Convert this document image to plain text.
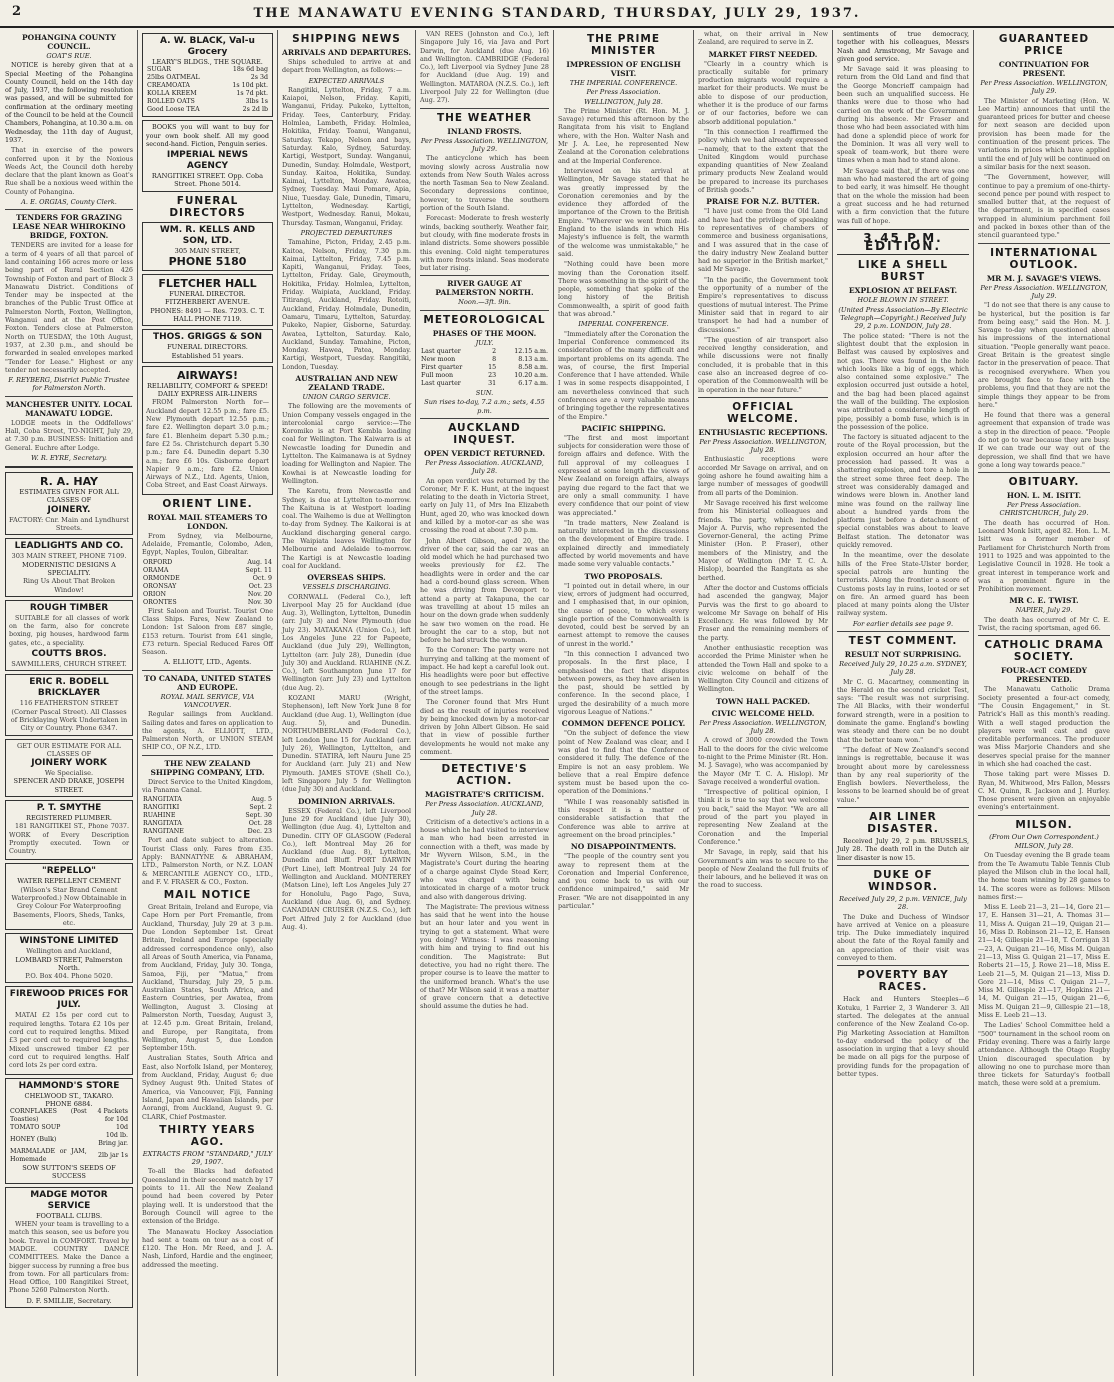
2	THE MANAWATU EVENING STANDARD, THURSDAY, JULY 29, 1937.
POHANGINA COUNTY COUNCIL.
GOAT'S RUE.
NOTICE is hereby given that at a Special Meeting of the Pohangina County Council, held on the 14th day of July, 1937, the following resolution was passed, and will be submitted for confirmation at the ordinary meeting of the Council to be held at the Council Chambers, Pohangina, at 10.30 a.m. on Wednesday, the 11th day of August, 1937.
That in exercise of the powers conferred upon it by the Noxious Weeds Act, the Council doth hereby declare that the plant known as Goat's Rue shall be a noxious weed within the County of Pohangina.
A. E. ORGIAS, County Clerk.
TENDERS FOR GRAZING LEASE NEAR WHIROKINO BRIDGE, FOXTON.
TENDERS are invited for a lease for a term of 4 years of all that parcel of land containing 166 acres more or less being part of Rural Section 426 Township of Foxton and part of Block 3 Manawatu District. Conditions of Tender may be inspected at the branches of the Public Trust Office at Palmerston North, Foxton, Wellington, Wanganui and at the Post Office, Foxton. Tenders close at Palmerston North on TUESDAY, the 10th August, 1937, at 2.30 p.m., and should be forwarded in sealed envelopes marked "Tender for Lease." Highest or any tender not necessarily accepted.
F. REYBERG, District Public Trustee for Palmerston North.
MANCHESTER UNITY. LOCAL MANAWATU LODGE.
LODGE meets in the Oddfellows' Hall, Coba Street, TO-NIGHT, July 29, at 7.30 p.m. BUSINESS: Initiation and General. Euchre after Lodge.
W. R. EYRE, Secretary.
R. A. HAY
ESTIMATES GIVEN FOR ALL CLASSES OF
JOINERY.
FACTORY: Cnr. Main and Lyndhurst Streets.
LEADLIGHTS AND CO.
303 MAIN STREET, PHONE 7109.
MODERNISTIC DESIGNS A SPECIALITY.
Ring Us About That Broken Window!
ROUGH TIMBER
SUITABLE for all classes of work on the farm, also for concrete boxing, pig houses, hardwood farm gates, etc., a speciality.
COUTTS BROS.
SAWMILLERS, CHURCH STREET.
ERIC R. BODELL
BRICKLAYER
116 FEATHERSTON STREET (Corner Pascal Street). All Classes of Bricklaying Work Undertaken in City or Country. Phone 6347.
GET OUR ESTIMATE FOR ALL CLASSES OF
JOINERY WORK
We Specialise.
SPENCER AND DRAKE, JOSEPH STREET.
P. T. SMYTHE
REGISTERED PLUMBER.
181 RANGITIKEI ST., Phone 7037. WORK of Every Description Promptly executed. Town or Country.
"REPELLO"
WATER REPELLENT CEMENT
(Wilson's Star Brand Cement Waterproofed.) Now Obtainable in Grey Colour For Waterproofing Basements, Floors, Sheds, Tanks, etc.
WINSTONE LIMITED
Wellington and Auckland,
LOMBARD STREET, Palmerston North.
P.O. Box 404. Phone 5020.
FIREWOOD PRICES FOR JULY.
MATAI £2 15s per cord cut to required lengths. Totara £2 10s per cord cut to required lengths. Mixed £3 per cord cut to required lengths. Mixed unscrewed timber £2 per cord cut to required lengths. Half cord lots 2s per cord extra.
HAMMOND'S STORE
CHELWOOD ST., TAKARO.
PHONE 6884.
CORNFLAKES (Post Toasties)	4 Packets for 10d
TOMATO SOUP	10d
HONEY (Bulk)	10d lb. Bring jar.
MARMALADE or JAM, Homemade	2lb jar 1s
SOW SUTTON'S SEEDS OF SUCCESS
MADGE MOTOR SERVICE
FOOTBALL CLUBS.
WHEN your team is travelling to a match this season, see us before you book. Travel in COMFORT. Travel by MADGE. COUNTRY DANCE COMMITTEES. Make the Dance a bigger success by running a free bus from town. For all particulars from: Head Office, 100 Rangitikei Street, Phone 5260 Palmerston North.
D. F. SMILLIE, Secretary.
A. W. BLACK, Val-u Grocery
LEARY'S BLDGS., THE SQUARE.
SUGAR	18s 6d bag
25lbs OATMEAL	2s 3d
CREAMOATA	1s 10d pkt.
KOLLA KREEM	1s 7d pkt.
ROLLED OATS	3lbs 1s
Good Loose TEA	2s 2d lb
BOOKS you will want to buy for your own book shelf. All my good second-hand. Fiction, Penguin series.
IMPERIAL NEWS AGENCY
RANGITIKEI STREET. Opp. Coba Street. Phone 5014.
FUNERAL DIRECTORS
WM. R. KELLS AND SON, LTD.
305 MAIN STREET,
PHONE 5180
FLETCHER HALL
FUNERAL DIRECTOR. FITZHERBERT AVENUE.
PHONES: 8491 — Res. 7293. C. T. HALL PHONE 7119.
THOS. GRIGGS & SON
FUNERAL DIRECTORS.
Established 51 years.
AIRWAYS!
RELIABILITY, COMFORT & SPEED! DAILY EXPRESS AIR-LINERS
FROM Palmerston North for—Auckland depart 12.55 p.m.; fare £5. New Plymouth depart 12.55 p.m.; fare £2. Wellington depart 3.0 p.m.; fare £1. Blenheim depart 5.30 p.m.; fare £2 5s. Christchurch depart 5.30 p.m.; fare £4. Dunedin depart 5.30 a.m.; fare £6 10s. Gisborne depart Napier 9 a.m.; fare £2. Union Airways of N.Z., Ltd. Agents, Union, Coba Street, and East Coast Airways.
ORIENT LINE.
ROYAL MAIL STEAMERS TO LONDON.
From Sydney, via Melbourne, Adelaide, Fremantle, Colombo, Aden, Egypt, Naples, Toulon, Gibraltar.
ORFORD	Aug. 14
ORAMA	Sept. 11
ORMONDE	Oct. 9
ORONSAY	Oct. 23
ORION	Nov. 20
ORONTES	Nov. 30
First Saloon and Tourist. Tourist One Class Ships. Fares, New Zealand to London: 1st Saloon from £87 single, £153 return. Tourist from £41 single, £73 return. Special Reduced Fares Off Season.
A. ELLIOTT, LTD., Agents.
TO CANADA, UNITED STATES AND EUROPE.
ROYAL MAIL SERVICE, VIA VANCOUVER.
Regular sailings from Auckland. Sailing dates and fares on application to the agents, A. ELLIOTT, LTD., Palmerston North, or UNION STEAM SHIP CO., OF N.Z., LTD.
THE NEW ZEALAND SHIPPING COMPANY, LTD.
Direct Service to the United Kingdom, via Panama Canal.
RANGITATA	Aug. 5
RANGITIKI	Sept. 2
RUAHINE	Sept. 30
RANGITATA	Oct. 28
RANGITANE	Dec. 23
Port and date subject to alteration. Tourist Class only. Fares from £35. Apply: BANNATYNE & ABRAHAM, LTD., Palmerston North, or N.Z. LOAN & MERCANTILE AGENCY CO., LTD., and F. V. FRASER & CO., Foxton.
MAIL NOTICE
Great Britain, Ireland and Europe, via Cape Horn per Port Fremantle, from Auckland, Thursday, July 29 at 3 p.m. Due London September 1st. Great Britain, Ireland and Europe (specially addressed correspondence only), also all Areas of South America, via Panama, from Auckland, Friday, July 30. Tonga, Samoa, Fiji, per "Matua," from Auckland, Thursday, July 29, 5 p.m. Australian States, South Africa, and Eastern Countries, per Awatea, from Wellington, August 3. Closing at Palmerston North, Tuesday, August 3, at 12.45 p.m. Great Britain, Ireland, and Europe, per Rangitata, from Wellington, August 5, due London September 15th.
Australian States, South Africa and East, also Norfolk Island, per Monterey, from Auckland, Friday, August 6; due Sydney August 9th. United States of America, via Vancouver, Fiji, Fanning Island, Japan and Hawaiian Islands, per Aorangi, from Auckland, August 9. G. CLARK, Chief Postmaster.
THIRTY YEARS AGO.
EXTRACTS FROM "STANDARD," JULY 29, 1907.
To-all the Blacks had defeated Queensland in their second match by 17 points to 11. All the New Zealand pound had been covered by Peter playing well. It is understood that the Borough Council will agree to the extension of the Bridge.
The Manawatu Hockey Association had sent a team on tour as a cost of £120. The Hon. Mr Reed, and J. A. Nash, Linford, Hardie and the engineer, addressed the meeting.
SHIPPING NEWS
ARRIVALS AND DEPARTURES.
Ships scheduled to arrive at and depart from Wellington, as follows:—
EXPECTED ARRIVALS
Rangitiki, Lyttelton, Friday, 7 a.m. Kaiapoi, Nelson, Friday. Kapiti, Wanganui, Friday. Pukeko, Lyttelton, Friday. Tees, Canterbury, Friday. Holmlea, Lambeth, Friday. Holmlea, Hokitika, Friday. Toanui, Wanganui, Saturday. Tekapo, Nelson and bays, Saturday. Kalo, Sydney, Saturday. Kartigi, Westport, Sunday. Wanganui, Dunedin, Sunday. Holmdale, Westport, Sunday. Kaitoa, Hokitika, Sunday. Kaimai, Lyttelton, Monday. Awatea, Sydney, Tuesday. Maui Pomare, Apia, Niue, Tuesday. Gale, Dunedin, Timaru, Lyttelton, Wednesday. Kartigi, Westport, Wednesday. Ranui, Mokau, Thursday. Tasman, Wanganui, Friday.
PROJECTED DEPARTURES
Tamahine, Picton, Friday, 2.45 p.m. Kaitoa, Nelson, Friday, 7.30 p.m. Kaimai, Lyttelton, Friday, 7.45 p.m. Kapiti, Wanganui, Friday. Tees, Lyttelton, Friday. Gale, Greymouth, Hokitika, Friday. Holmlea, Lyttelton, Friday. Waipiata, Auckland, Friday. Titirangi, Auckland, Friday. Rotoiti, Auckland, Friday. Holmdale, Dunedin, Oamaru, Timaru, Lyttelton, Saturday. Pukeko, Napier, Gisborne, Saturday. Awatea, Lyttelton, Saturday. Kalo, Auckland, Sunday. Tamahine, Picton, Monday. Hawea, Patea, Monday. Kartigi, Westport, Tuesday. Rangitiki, London, Tuesday.
AUSTRALIAN AND NEW ZEALAND TRADE.
UNION CARGO SERVICE.
The following are the movements of Union Company vessels engaged in the intercolonial cargo service:—The Koromiko is at Port Kembla loading coal for Wellington. The Kaiwarra is at Newcastle loading for Dunedin and Lyttelton. The Kaimanawa is at Sydney loading for Wellington and Napier. The Kowhai is at Newcastle loading for Wellington.
The Karetu, from Newcastle and Sydney, is due at Lyttelton to-morrow. The Kaituna is at Westport loading coal. The Waihemo is due at Wellington to-day from Sydney. The Kaikorai is at Auckland discharging general cargo. The Waipiata leaves Wellington for Melbourne and Adelaide to-morrow. The Kartigi is at Newcastle loading coal for Auckland.
OVERSEAS SHIPS.
VESSELS DISCHARGING.
CORNWALL (Federal Co.), left Liverpool May 25 for Auckland (due Aug. 3), Wellington, Lyttelton, Dunedin (arr. July 3) and New Plymouth (due July 23). MATAKANA (Union Co.), left Los Angeles June 22 for Papeete, Auckland (due July 29), Wellington, Lyttelton (arr. July 28), Dunedin (due July 30) and Auckland. RUAHINE (N.Z. Co.), left Southampton June 17 for Wellington (arr. July 23) and Lyttelton (due Aug. 2).
KOZANI MARU (Wright, Stephenson), left New York June 8 for Auckland (due Aug. 1), Wellington (due Aug. 5), and Dunedin. NORTHUMBERLAND (Federal Co.), left London June 15 for Auckland (arr. July 26), Wellington, Lyttelton, and Dunedin. STATIRA, left Nauru June 25 for Auckland (arr. July 21) and New Plymouth. JAMES STOVE (Shell Co.), left Singapore July 5 for Wellington (due July 30) and Auckland.
DOMINION ARRIVALS.
ESSEX (Federal Co.), left Liverpool June 29 for Auckland (due July 30), Wellington (due Aug. 4), Lyttelton and Dunedin. CITY OF GLASGOW (Federal Co.), left Montreal May 26 for Auckland (due Aug. 8), Lyttelton, Dunedin and Bluff. PORT DARWIN (Port Line), left Montreal July 24 for Wellington and Auckland. MONTEREY (Matson Line), left Los Angeles July 27 for Honolulu, Pago Pago, Suva, Auckland (due Aug. 6), and Sydney. CANADIAN CRUISER (N.Z.S. Co.), left Port Alfred July 2 for Auckland (due Aug. 4).
VAN REES (Johnston and Co.), left Singapore July 16, via Java and Port Darwin, for Auckland (due Aug. 16) and Wellington. CAMBRIDGE (Federal Co.), left Liverpool via Sydney June 28 for Auckland (due Aug. 19) and Wellington. MATAROA (N.Z.S. Co.), left Liverpool July 22 for Wellington (due Aug. 27).
THE WEATHER
INLAND FROSTS.
Per Press Association. WELLINGTON, July 29.
The anticyclone which has been moving slowly across Australia now extends from New South Wales across the north Tasman Sea to New Zealand. Secondary depressions continue, however, to traverse the southern portion of the South Island.
Forecast: Moderate to fresh westerly winds, backing southerly. Weather fair, but cloudy, with fine moderate frosts in inland districts. Some showers possible this evening. Cold night temperatures with more frosts inland. Seas moderate but later rising.
RIVER GAUGE AT PALMERSTON NORTH.
Noon.—3ft. 9in.
METEOROLOGICAL
PHASES OF THE MOON.
JULY.
Last quarter	2	12.15 a.m.
New moon	8	8.13 a.m.
First quarter	15	8.58 a.m.
Full moon	23	10.20 a.m.
Last quarter	31	6.17 a.m.
SUN.
Sun rises to-day, 7.2 a.m.; sets, 4.55 p.m.
AUCKLAND INQUEST.
OPEN VERDICT RETURNED.
Per Press Association. AUCKLAND, July 28.
An open verdict was returned by the Coroner, Mr F. K. Hunt, at the inquest relating to the death in Victoria Street, early on July 11, of Mrs Ina Elizabeth Hunt, aged 20, who was knocked down and killed by a motor-car as she was crossing the road at about 7.30 p.m.
John Albert Gibson, aged 20, the driver of the car, said the car was an old model which he had purchased two weeks previously for £2. The headlights were in order and the car had a cord-bound glass screen. When he was driving from Devonport to attend a party at Takapuna, the car was travelling at about 15 miles an hour on the down grade when suddenly he saw two women on the road. He brought the car to a stop, but not before he had struck the woman.
To the Coroner: The party were not hurrying and talking at the moment of impact. He had kept a careful look out. His headlights were poor but effective enough to see pedestrians in the light of the street lamps.
The Coroner found that Mrs Hunt died as the result of injuries received by being knocked down by a motor-car driven by John Albert Gibson. He said that in view of possible further developments he would not make any comment.
DETECTIVE'S ACTION.
MAGISTRATE'S CRITICISM.
Per Press Association. AUCKLAND, July 28.
Criticism of a detective's actions in a house which he had visited to interview a man who had been arrested in connection with a theft, was made by Mr Wyvern Wilson, S.M., in the Magistrate's Court during the hearing of a charge against Clyde Stead Kerr, who was charged with being intoxicated in charge of a motor truck and also with dangerous driving.
The Magistrate: The previous witness has said that he went into the house but an hour later and you went in trying to get a statement. What were you doing? Witness: I was reasoning with him and trying to find out his condition. The Magistrate: But detective, you had no right there. The proper course is to leave the matter to the uniformed branch. What's the use of that? Mr Wilson said it was a matter of grave concern that a detective should assume the duties he had.
THE PRIME MINISTER
IMPRESSION OF ENGLISH VISIT.
THE IMPERIAL CONFERENCE.
Per Press Association.
WELLINGTON, July 28.
The Prime Minister (Rt. Hon. M. J. Savage) returned this afternoon by the Rangitata from his visit to England where, with the Hon. Walter Nash and Mr J. A. Lee, he represented New Zealand at the Coronation celebrations and at the Imperial Conference.
Interviewed on his arrival at Wellington, Mr Savage stated that he was greatly impressed by the Coronation ceremonies and by the evidence they afforded of the importance of the Crown to the British Empire. "Wherever we went from mid-England to the islands in which His Majesty's influence is felt, the warmth of the welcome was unmistakable," he said.
"Nothing could have been more moving than the Coronation itself. There was something in the spirit of the people, something that spoke of the long history of the British Commonwealth, a spirit of good faith that was abroad."
IMPERIAL CONFERENCE.
"Immediately after the Coronation the Imperial Conference commenced its consideration of the many difficult and important problems on its agenda. The was, of course, the first Imperial Conference that I have attended. While I was in some respects disappointed, I am nevertheless convinced that such conferences are a very valuable means of bringing together the representatives of the Empire."
PACIFIC SHIPPING.
"The first and most important subjects for consideration were those of foreign affairs and defence. With the full approval of my colleagues I expressed at some length the views of New Zealand on foreign affairs, always paying due regard to the fact that we are only a small community. I have every confidence that our point of view was appreciated."
"In trade matters, New Zealand is naturally interested in the discussions on the development of Empire trade. I explained directly and immediately affected by world movements and have made some very valuable contacts."
TWO PROPOSALS.
"I pointed out in detail where, in our view, errors of judgment had occurred, and I emphasised that, in our opinion, the cause of peace, to which every single portion of the Commonwealth is devoted, could best be served by an earnest attempt to remove the causes of unrest in the world."
"In this connection I advanced two proposals. In the first place, I emphasised the fact that disputes between powers, as they have arisen in the past, should be settled by conference. In the second place, I urged the desirability of a much more vigorous League of Nations."
COMMON DEFENCE POLICY.
"On the subject of defence the view point of New Zealand was clear, and I was glad to find that the Conference considered it fully. The defence of the Empire is not an easy problem. We believe that a real Empire defence system must be based upon the co-operation of the Dominions."
"While I was reasonably satisfied in this respect it is a matter of considerable satisfaction that the Conference was able to arrive at agreement on the broad principles."
NO DISAPPOINTMENTS.
"The people of the country sent you away to represent them at the Coronation and Imperial Conference, and you come back to us with our confidence unimpaired," said Mr Fraser. "We are not disappointed in any particular."
what, on their arrival in New Zealand, are required to serve in Z.
MARKET FIRST NEEDED.
"Clearly in a country which is practically suitable for primary production migrants would require a market for their products. We must be able to dispose of our production, whether it is the produce of our farms or of our factories, before we can absorb additional population."
"In this connection I reaffirmed the policy which we had already expressed—namely, that to the extent that the United Kingdom would purchase expanding quantities of New Zealand primary products New Zealand would be prepared to increase its purchases of British goods."
PRAISE FOR N.Z. BUTTER.
"I have just come from the Old Land and have had the privilege of speaking to representatives of chambers of commerce and business organisations, and I was assured that in the case of the dairy industry New Zealand butter had no superior in the British market," said Mr Savage.
"In the pacific, the Government took the opportunity of a number of the Empire's representatives to discuss questions of mutual interest. The Prime Minister said that in regard to air transport he had had a number of discussions."
"The question of air transport also received lengthy consideration, and while discussions were not finally concluded, it is probable that in this case also an increased degree of co-operation of the Commonwealth will be in operation in the near future."
OFFICIAL WELCOME.
ENTHUSIASTIC RECEPTIONS.
Per Press Association. WELLINGTON, July 28.
Enthusiastic receptions were accorded Mr Savage on arrival, and on going ashore he found awaiting him a large number of messages of goodwill from all parts of the Dominion.
Mr Savage received his first welcome from his Ministerial colleagues and friends. The party, which included Major A. Purvis, who represented the Governor-General, the acting Prime Minister (Hon. P. Fraser), other members of the Ministry, and the Mayor of Wellington (Mr T. C. A. Hislop), boarded the Rangitata as she berthed.
After the doctor and Customs officials had ascended the gangway, Major Purvis was the first to go aboard to welcome Mr Savage on behalf of His Excellency. He was followed by Mr Fraser and the remaining members of the party.
Another enthusiastic reception was accorded the Prime Minister when he attended the Town Hall and spoke to a civic welcome on behalf of the Wellington City Council and citizens of Wellington.
TOWN HALL PACKED.
CIVIC WELCOME HELD.
Per Press Association. WELLINGTON, July 28.
A crowd of 3000 crowded the Town Hall to the doors for the civic welcome to-night to the Prime Minister (Rt. Hon. M. J. Savage), who was accompanied by the Mayor (Mr T. C. A. Hislop). Mr Savage received a wonderful ovation.
"Irrespective of political opinion, I think it is true to say that we welcome you back," said the Mayor. "We are all proud of the part you played in representing New Zealand at the Coronation and the Imperial Conference."
Mr Savage, in reply, said that his Government's aim was to secure to the people of New Zealand the full fruits of their labours, and he believed it was on the road to success.
sentiments of true democracy, together with his colleagues, Messrs Nash and Armstrong, Mr Savage and given good service.
Mr Savage said it was pleasing to return from the Old Land and find that the George Moncrieff campaign had been such an unqualified success. He thanks were due to those who had carried on the work of the Government during his absence. Mr Fraser and those who had been associated with him had done a splendid piece of work for the Dominion. It was all very well to speak of team-work, but there were times when a man had to stand alone.
Mr Savage said that, if there was one man who had mastered the art of going to bed early, it was himself. He thought that on the whole the mission had been a great success and he had returned with a firm conviction that the future was full of hope.
3.45 P.M. EDITION.
LIKE A SHELL BURST
EXPLOSION AT BELFAST.
HOLE BLOWN IN STREET.
(United Press Association—By Electric Telegraph—Copyright.) Received July 29, 2 p.m. LONDON, July 28.
The police stated: "There is not the slightest doubt that the explosion in Belfast was caused by explosives and not gas. There was found in the hole which looks like a big of eggs, which also contained some explosive." The explosion occurred just outside a hotel, and the bag had been placed against the wall of the building. The explosion was attributed a considerable length of pipe, possibly a bomb fuse, which is in the possession of the police.
The factory is situated adjacent to the route of the Royal procession, but the explosion occurred an hour after the procession had passed. It was a shattering explosion, and tore a hole in the street some three feet deep. The street was considerably damaged and windows were blown in. Another land mine was found on the railway line about a hundred yards from the platform just before a detachment of special constables was about to leave Belfast station. The detonator was quickly removed.
In the meantime, over the desolate hills of the Free State-Ulster border, special patrols are hunting the terrorists. Along the frontier a score of Customs posts lay in ruins, looted or set on fire. An armed guard has been placed at many points along the Ulster railway system.
For earlier details see page 9.
TEST COMMENT.
RESULT NOT SURPRISING.
Received July 29, 10.25 a.m. SYDNEY, July 28.
Mr C. G. Macartney, commenting in the Herald on the second cricket Test, says: "The result was not surprising. The All Blacks, with their wonderful forward strength, were in a position to dominate the game. England's bowling was steady and there can be no doubt that the better team won."
"The defeat of New Zealand's second innings is regrettable, because it was brought about more by carelessness than by any real superiority of the English bowlers. Nevertheless, the lessons to be learned should be of great value."
AIR LINER DISASTER.
Received July 29, 2 p.m. BRUSSELS, July 28. The death roll in the Dutch air liner disaster is now 15.
DUKE OF WINDSOR.
Received July 29, 2 p.m. VENICE, July 28.
The Duke and Duchess of Windsor have arrived at Venice on a pleasure trip. The Duke immediately inquired about the fate of the Royal family and an appreciation of their visit was conveyed to them.
POVERTY BAY RACES.
Hack and Hunters Steeples—6 Kotuku, 1 Farrier 2, 3 Wanderer 3. All started. The delegates at the annual conference of the New Zealand Co-op. Pig Marketing Association at Hamilton to-day endorsed the policy of the association in urging that a levy should be made on all pigs for the purpose of providing funds for the propagation of better types.
GUARANTEED PRICE
CONTINUATION FOR PRESENT.
Per Press Association. WELLINGTON, July 29.
The Minister of Marketing (Hon. W. Lee Martin) announces that until the guaranteed prices for butter and cheese for next season are decided upon provision has been made for the continuation of the present prices. The variations in prices which have applied until the end of July will be continued on a similar basis for the next season.
"The Government, however, will continue to pay a premium of one-thirty-second pence per pound with respect to smalled butter that, at the request of the department, is in specified cases wrapped in aluminium parchment foil and packed in boxes other than of the stencil guaranteed type."
INTERNATIONAL OUTLOOK.
MR M. J. SAVAGE'S VIEWS.
Per Press Association. WELLINGTON, July 29.
"I do not see that there is any cause to be hysterical, but the position is far from being easy," said the Hon. M. J. Savage to-day when questioned about his impressions of the international situation. "People generally want peace. Great Britain is the greatest single factor in the preservation of peace. That is recognised everywhere. When you are brought face to face with the problems, you find that they are not the simple things they appear to be from here."
He found that there was a general agreement that expansion of trade was a step in the direction of peace. "People do not go to war because they are busy. If we can trade our way out of the depression, we shall find that we have gone a long way towards peace."
OBITUARY.
HON. L. M. ISITT.
Per Press Association. CHRISTCHURCH, July 29.
The death has occurred of Hon. Leonard Monk Isitt, aged 82. Hon. L. M. Isitt was a former member of Parliament for Christchurch North from 1911 to 1925 and was appointed to the Legislative Council in 1928. He took a great interest in temperance work and was a prominent figure in the Prohibition movement.
MR C. E. TWIST.
NAPIER, July 29.
The death has occurred of Mr C. E. Twist, the racing sportsman, aged 66.
CATHOLIC DRAMA SOCIETY.
FOUR-ACT COMEDY PRESENTED.
The Manawatu Catholic Drama Society presented a four-act comedy, "The Cousin Engagement," in St. Patrick's Hall as this month's reading. With a well staged production the players were well cast and gave creditable performances. The producer was Miss Marjorie Chanders and she deserves special praise for the manner in which she had coached the cast.
Those taking part were Misses D. Ryan, M. Whitwood, Mrs Fallon, Messrs C. M. Quinn, R. Jackson and J. Hurley. Those present were given an enjoyable evening's entertainment.
MILSON.
(From Our Own Correspondent.)
MILSON, July 28.
On Tuesday evening the B grade team from the Te Awamutu Table Tennis Club played the Milson club in the local hall, the home team winning by 28 games to 14. The scores were as follows: Milson names first:—
Miss E. Leeb 21—3, 21—14, Gore 21—17, E. Hansen 31—21, A. Thomas 31—11, Miss A. Quigan 21—19, Quigan 21—16, Miss D. Robinson 21—12, E. Hansen 21—14; Gillespie 21—18, T. Corrigan 31—23, A. Quigan 21—16, Miss M. Quigan 21—13, Miss G. Quigan 21—17, Miss E. Roberts 21—15, J. Rowe 21—18, Miss E. Leeb 21—5, M. Quigan 21—13, Miss D. Gore 21—14, Miss C. Quigan 21—7, Miss M. Gillespie 21—17, Hopkins 21—14, M. Quigan 21—15, Quigan 21—6, Miss M. Quigan 21—9, Gillespie 21—18, Miss E. Leeb 21—13.
The Ladies' School Committee held a "500" tournament in the school room on Friday evening. There was a fairly large attendance. Although the Otago Rugby Union discouraged speculation by allowing no one to purchase more than three tickets for Saturday's football match, these were sold at a premium.
